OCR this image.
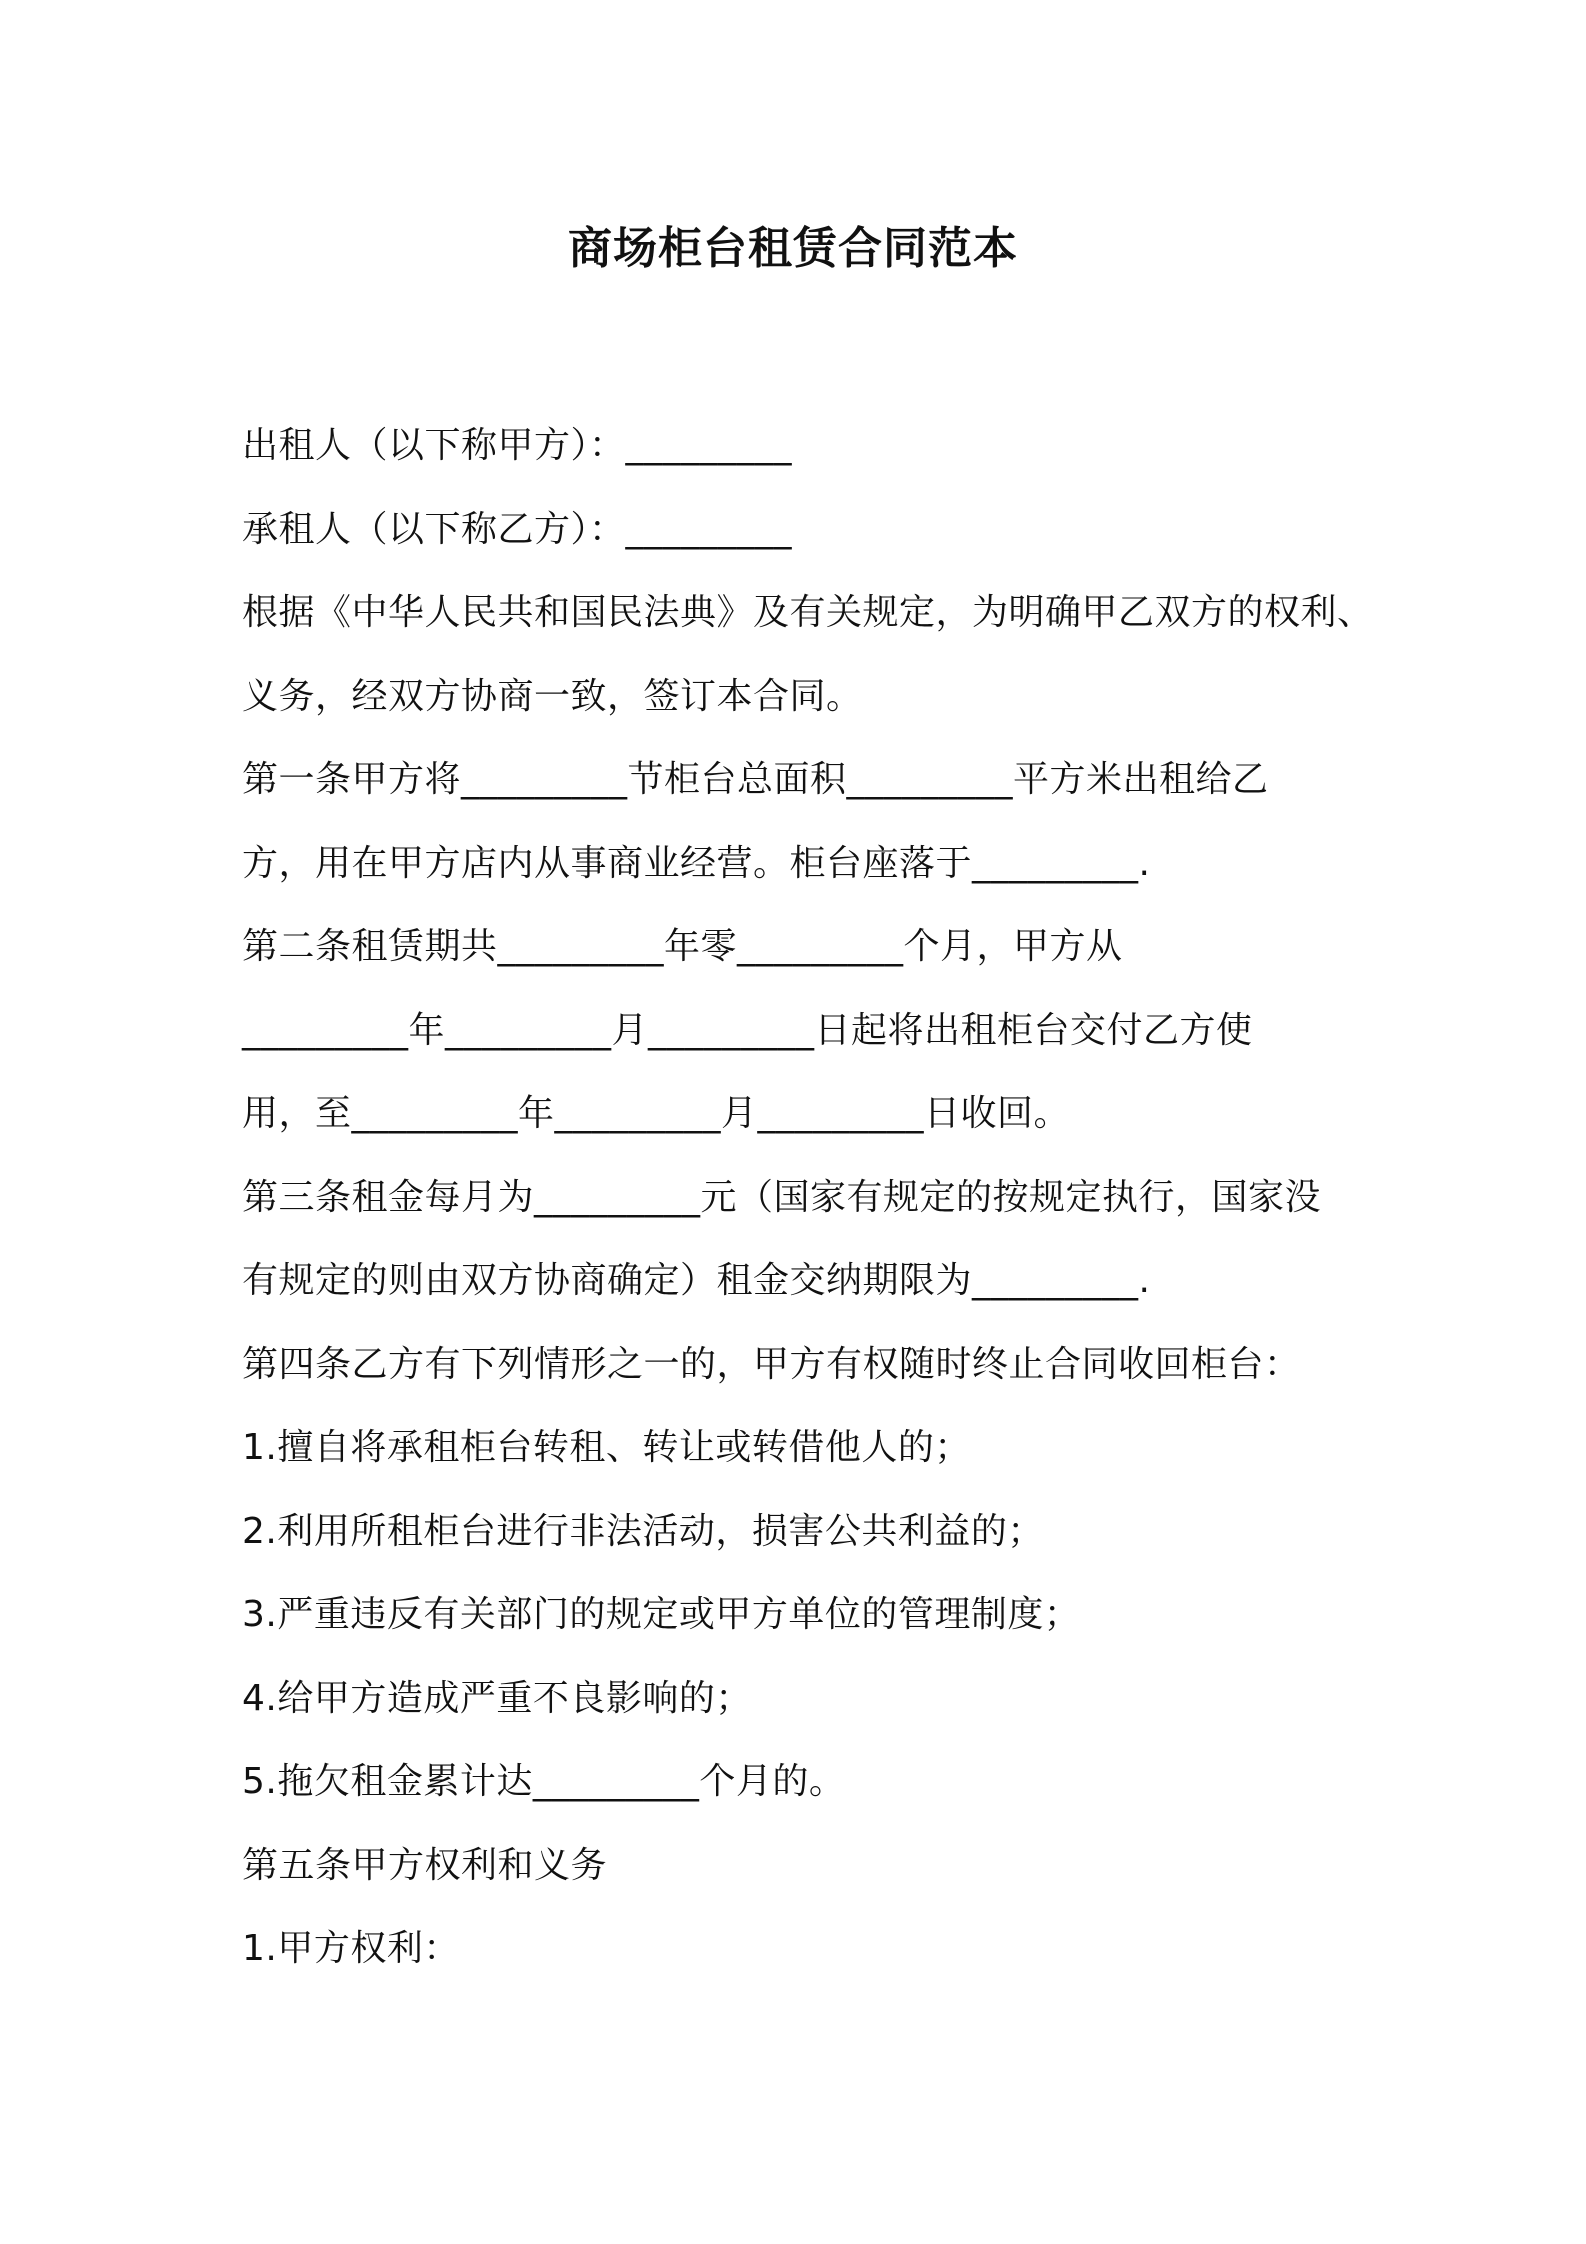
商场柜台租赁合同范本
出租人（以下称甲方）：_________
承租人（以下称乙方）：_________
根据《中华人民共和国民法典》及有关规定，为明确甲乙双方的权利、
义务，经双方协商一致，签订本合同。
第一条甲方将_________节柜台总面积_________平方米出租给乙
方，用在甲方店内从事商业经营。柜台座落于_________.
第二条租赁期共_________年零_________个月，甲方从
_________年_________月_________日起将出租柜台交付乙方使
用，至_________年_________月_________日收回。
第三条租金每月为_________元（国家有规定的按规定执行，国家没
有规定的则由双方协商确定）租金交纳期限为_________.
第四条乙方有下列情形之一的，甲方有权随时终止合同收回柜台：
1.擅自将承租柜台转租、转让或转借他人的；
2.利用所租柜台进行非法活动，损害公共利益的；
3.严重违反有关部门的规定或甲方单位的管理制度；
4.给甲方造成严重不良影响的；
5.拖欠租金累计达_________个月的。
第五条甲方权利和义务
1.甲方权利：
